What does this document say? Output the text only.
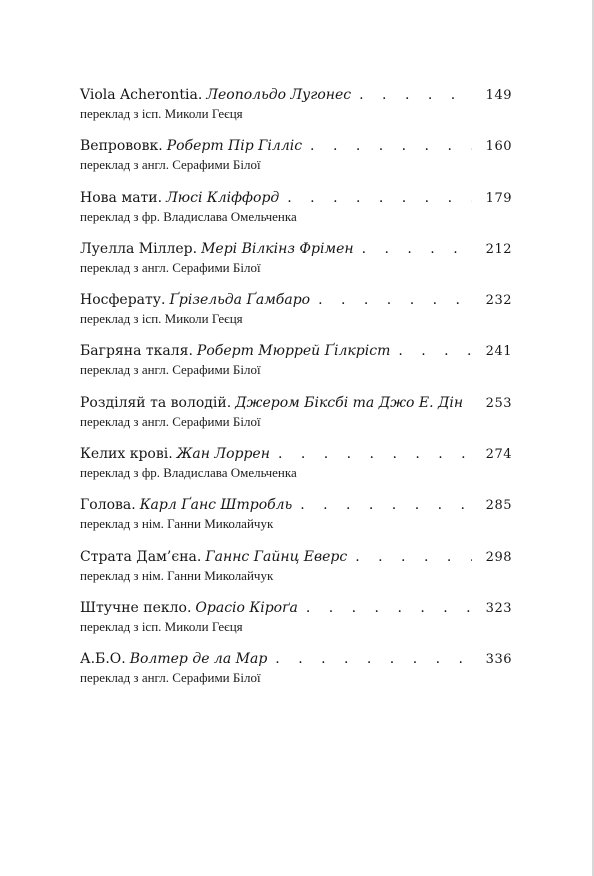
Viola Acherontia. Леопольдо Лугонес . . .	149
переклад з ісп. Миколи Геєця
Вепрововк. Роберт Пір Гілліс . . .	160
переклад з англ. Серафими Білої
Нова мати. Люсі Кліффорд . . .	179
переклад з фр. Владислава Омельченка
Луелла Міллер. Мері Вілкінз Фрімен . . .	212
переклад з англ. Серафими Білої
Носферату. Ґрізельда Ґамбаро . . .	232
переклад з ісп. Миколи Геєця
Багряна ткаля. Роберт Мюррей Ґілкріст . . .	241
переклад з англ. Серафими Білої
Розділяй та володій. Джером Біксбі та Джо Е. Дін . . .	253
переклад з англ. Серафими Білої
Келих крові. Жан Лоррен . . .	274
переклад з фр. Владислава Омельченка
Голова. Карл Ґанс Штробль . . .	285
переклад з нім. Ганни Миколайчук
Страта Дам’єна. Ганнс Гайнц Еверс . . .	298
переклад з нім. Ганни Миколайчук
Штучне пекло. Орасіо Кіроґа . . .	323
переклад з ісп. Миколи Геєця
А.Б.О. Волтер де ла Мар . . .	336
переклад з англ. Серафими Білої
